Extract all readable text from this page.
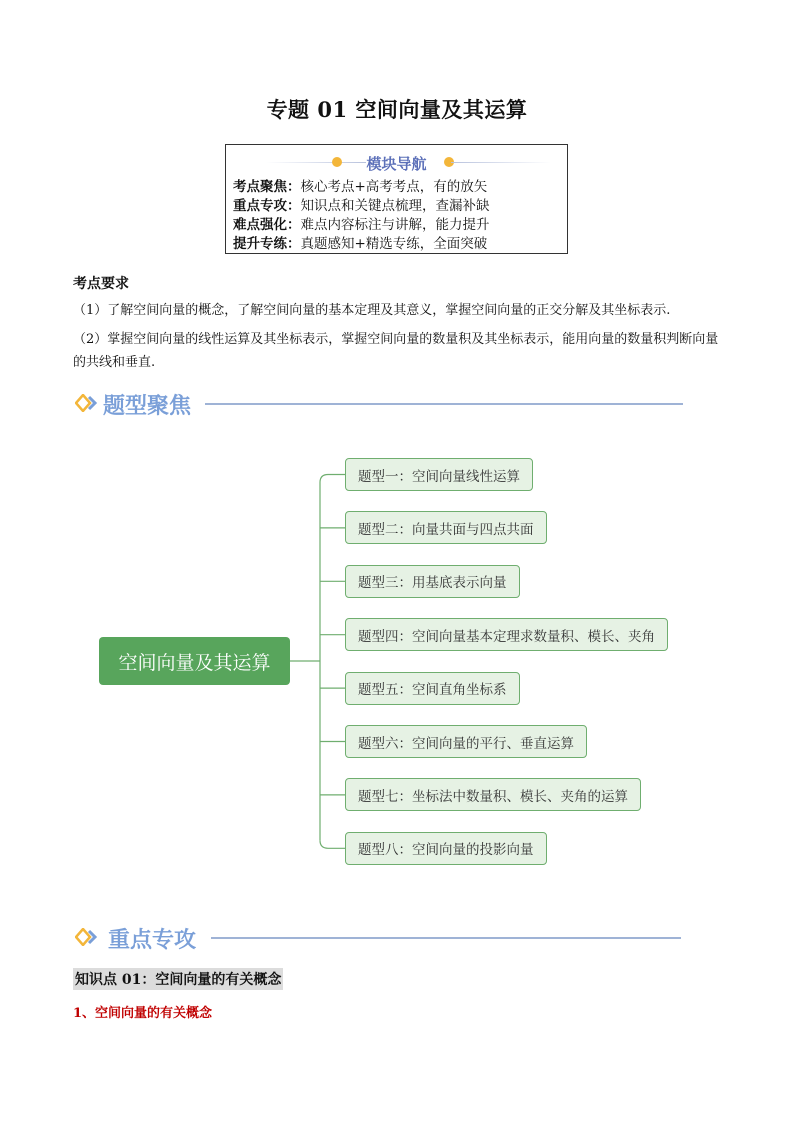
专题 01 空间向量及其运算
模块导航
考点聚焦：核心考点+高考考点，有的放矢
重点专攻：知识点和关键点梳理，查漏补缺
难点强化：难点内容标注与讲解，能力提升
提升专练：真题感知+精选专练，全面突破
考点要求
（1）了解空间向量的概念，了解空间向量的基本定理及其意义，掌握空间向量的正交分解及其坐标表示.
（2）掌握空间向量的线性运算及其坐标表示，掌握空间向量的数量积及其坐标表示，能用向量的数量积判断向量的共线和垂直.
题型聚焦
重点专攻
空间向量及其运算
题型一：空间向量线性运算
题型二：向量共面与四点共面
题型三：用基底表示向量
题型四：空间向量基本定理求数量积、模长、夹角
题型五：空间直角坐标系
题型六：空间向量的平行、垂直运算
题型七：坐标法中数量积、模长、夹角的运算
题型八：空间向量的投影向量
知识点 01：空间向量的有关概念
1、空间向量的有关概念
